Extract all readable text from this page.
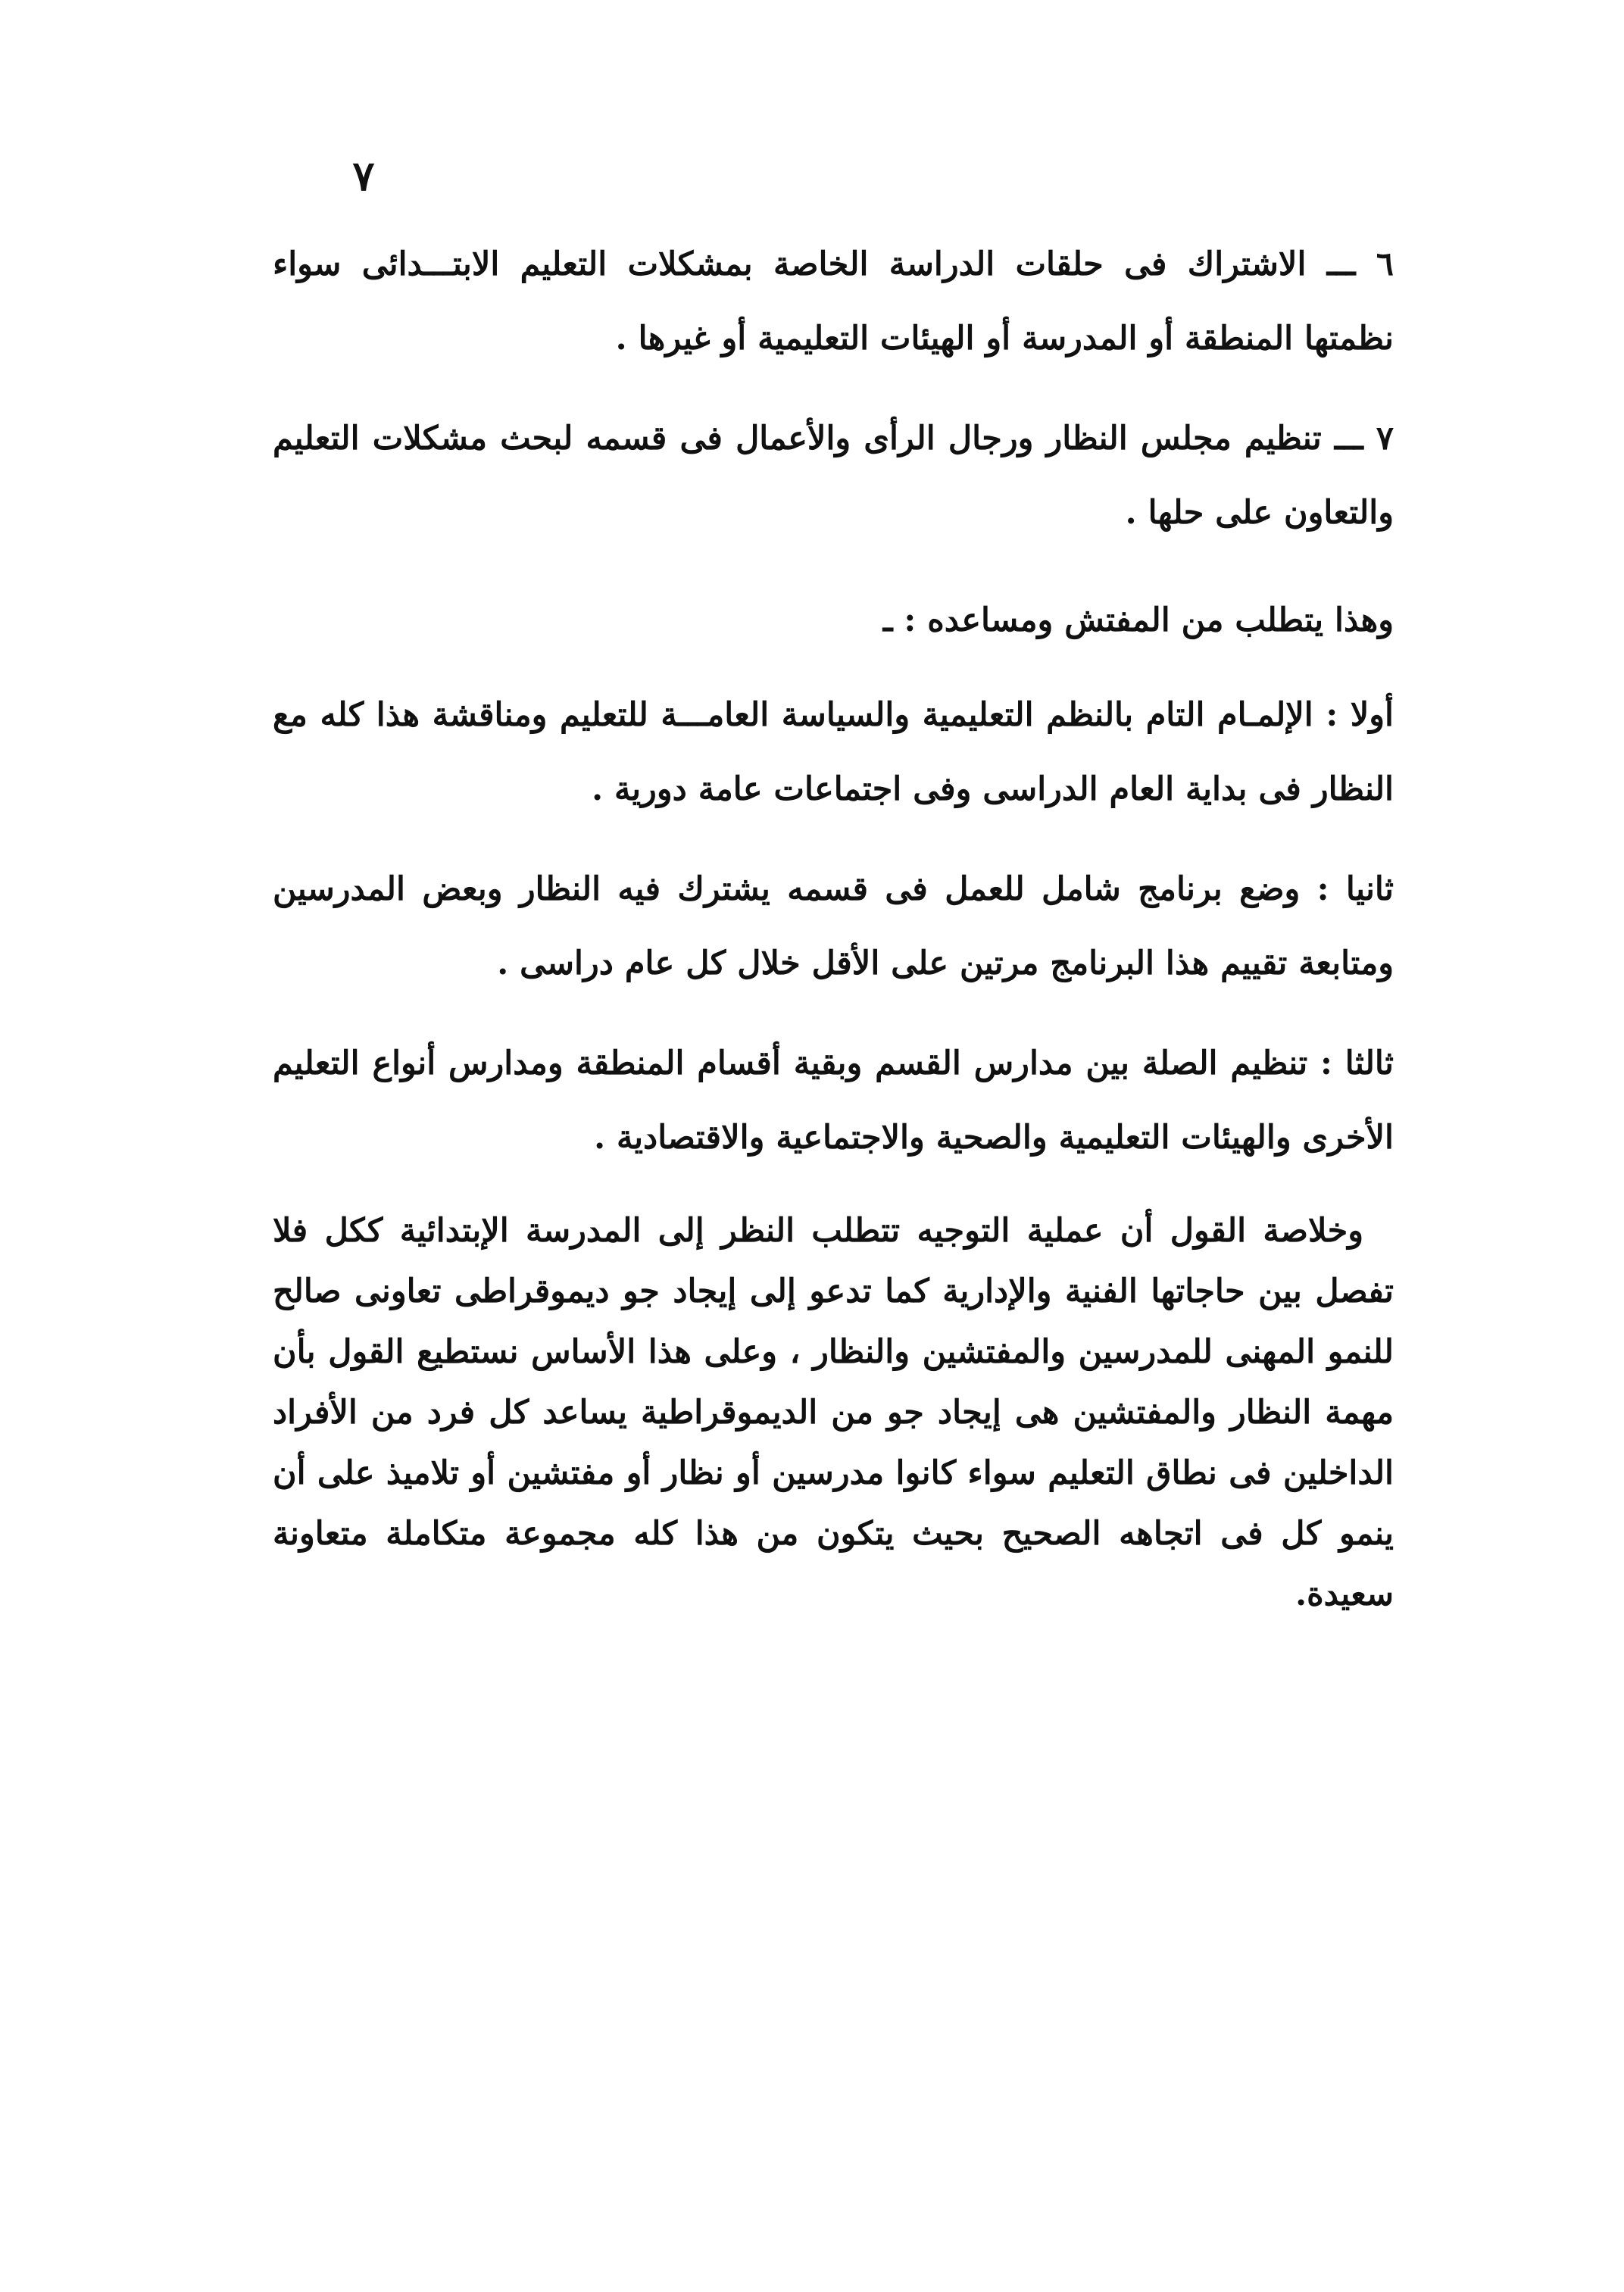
٧
٦ ـــ الاشتراك فى حلقات الدراسة الخاصة بمشكلات التعليم الابتـــدائى سواء نظمتها المنطقة أو المدرسة أو الهيئات التعليمية أو غيرها .
٧ ـــ تنظيم مجلس النظار ورجال الرأى والأعمال فى قسمه لبحث مشكلات التعليم والتعاون على حلها .
وهذا يتطلب من المفتش ومساعده : ـ
أولا : الإلمـام التام بالنظم التعليمية والسياسة العامـــة للتعليم ومناقشة هذا كله مع النظار فى بداية العام الدراسى وفى اجتماعات عامة دورية .
ثانيا : وضع برنامج شامل للعمل فى قسمه يشترك فيه النظار وبعض المدرسين ومتابعة تقييم هذا البرنامج مرتين على الأقل خلال كل عام دراسى .
ثالثا : تنظيم الصلة بين مدارس القسم وبقية أقسام المنطقة ومدارس أنواع التعليم الأخرى والهيئات التعليمية والصحية والاجتماعية والاقتصادية .
وخلاصة القول أن عملية التوجيه تتطلب النظر إلى المدرسة الإبتدائية ككل فلا تفصل بين حاجاتها الفنية والإدارية كما تدعو إلى إيجاد جو ديموقراطى تعاونى صالح للنمو المهنى للمدرسين والمفتشين والنظار ، وعلى هذا الأساس نستطيع القول بأن مهمة النظار والمفتشين هى إيجاد جو من الديموقراطية يساعد كل فرد من الأفراد الداخلين فى نطاق التعليم سواء كانوا مدرسين أو نظار أو مفتشين أو تلاميذ على أن ينمو كل فى اتجاهه الصحيح بحيث يتكون من هذا كله مجموعة متكاملة متعاونة سعيدة.
